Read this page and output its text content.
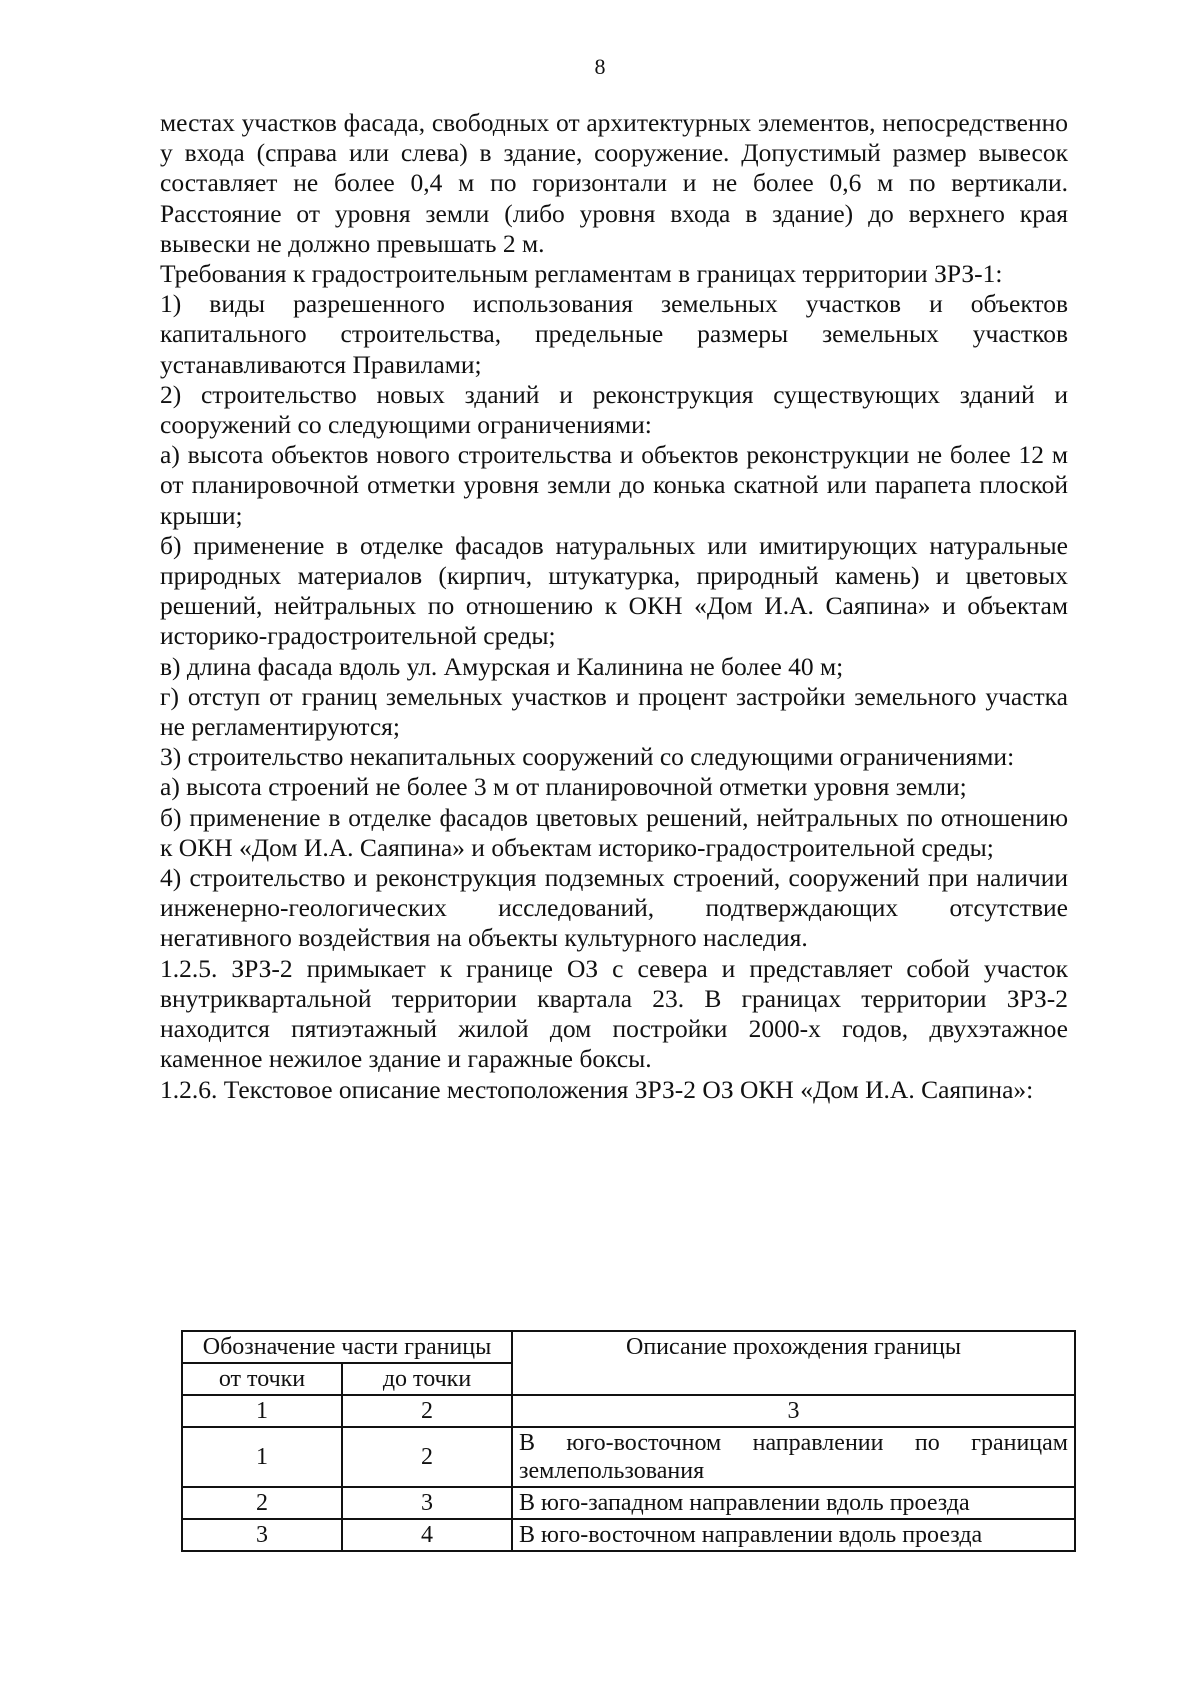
8

местах участков фасада, свободных от архитектурных элементов, непосредственно у входа (справа или слева) в здание, сооружение. Допустимый размер вывесок составляет не более 0,4 м по горизонтали и не более 0,6 м по вертикали. Расстояние от уровня земли (либо уровня входа в здание) до верхнего края вывески не должно превышать 2 м.

Требования к градостроительным регламентам в границах территории ЗРЗ-1:

1) виды разрешенного использования земельных участков и объектов капитального строительства, предельные размеры земельных участков устанавливаются Правилами;

2) строительство новых зданий и реконструкция существующих зданий и сооружений со следующими ограничениями:

а) высота объектов нового строительства и объектов реконструкции не более 12 м от планировочной отметки уровня земли до конька скатной или парапета плоской крыши;

б) применение в отделке фасадов натуральных или имитирующих натуральные природных материалов (кирпич, штукатурка, природный камень) и цветовых решений, нейтральных по отношению к ОКН «Дом И.А. Саяпина» и объектам историко-градостроительной среды;

в) длина фасада вдоль ул. Амурская и Калинина не более 40 м;

г) отступ от границ земельных участков и процент застройки земельного участка не регламентируются;

3) строительство некапитальных сооружений со следующими ограничениями:

а) высота строений не более 3 м от планировочной отметки уровня земли;

б) применение в отделке фасадов цветовых решений, нейтральных по отношению к ОКН «Дом И.А. Саяпина» и объектам историко-градостроительной среды;

4) строительство и реконструкция подземных строений, сооружений при наличии инженерно-геологических исследований, подтверждающих отсутствие негативного воздействия на объекты культурного наследия.

1.2.5. ЗРЗ-2 примыкает к границе ОЗ с севера и представляет собой участок внутриквартальной территории квартала 23. В границах территории ЗРЗ-2 находится пятиэтажный жилой дом постройки 2000-х годов, двухэтажное каменное нежилое здание и гаражные боксы.

1.2.6. Текстовое описание местоположения ЗРЗ-2 ОЗ ОКН «Дом И.А. Саяпина»:

Обозначение части границы		Описание прохождения границы
от точки	до точки	
1	2	3
1	2	В юго-восточном направлении по границам землепользования
2	3	В юго-западном направлении вдоль проезда
3	4	В юго-восточном направлении вдоль проезда
